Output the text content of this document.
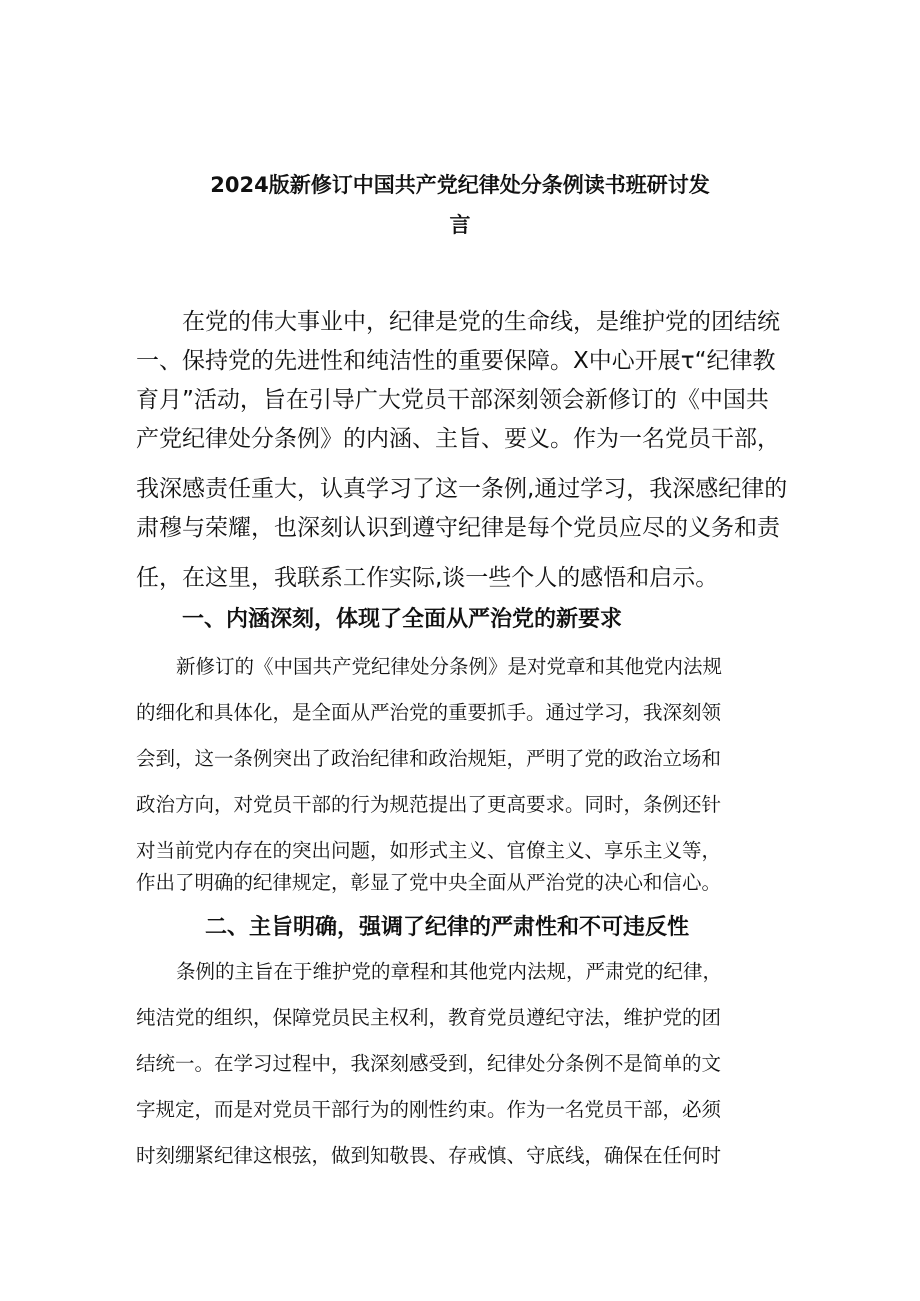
2024版新修订中国共产党纪律处分条例读书班研讨发
言

在党的伟大事业中，纪律是党的生命线，是维护党的团结统

一、保持党的先进性和纯洁性的重要保障。X中心开展τ“纪律教

育月”活动，旨在引导广大党员干部深刻领会新修订的《中国共

产党纪律处分条例》的内涵、主旨、要义。作为一名党员干部，

我深感责任重大，认真学习了这一条例,通过学习，我深感纪律的

肃穆与荣耀，也深刻认识到遵守纪律是每个党员应尽的义务和责

任，在这里，我联系工作实际,谈一些个人的感悟和启示。

一、内涵深刻，体现了全面从严治党的新要求

新修订的《中国共产党纪律处分条例》是对党章和其他党内法规

的细化和具体化，是全面从严治党的重要抓手。通过学习，我深刻领

会到，这一条例突出了政治纪律和政治规矩，严明了党的政治立场和

政治方向，对党员干部的行为规范提出了更高要求。同时，条例还针

对当前党内存在的突出问题，如形式主义、官僚主义、享乐主义等，

作出了明确的纪律规定，彰显了党中央全面从严治党的决心和信心。

二、主旨明确，强调了纪律的严肃性和不可违反性

条例的主旨在于维护党的章程和其他党内法规，严肃党的纪律，

纯洁党的组织，保障党员民主权利，教育党员遵纪守法，维护党的团

结统一。在学习过程中，我深刻感受到，纪律处分条例不是简单的文

字规定，而是对党员干部行为的刚性约束。作为一名党员干部，必须

时刻绷紧纪律这根弦，做到知敬畏、存戒慎、守底线，确保在任何时
